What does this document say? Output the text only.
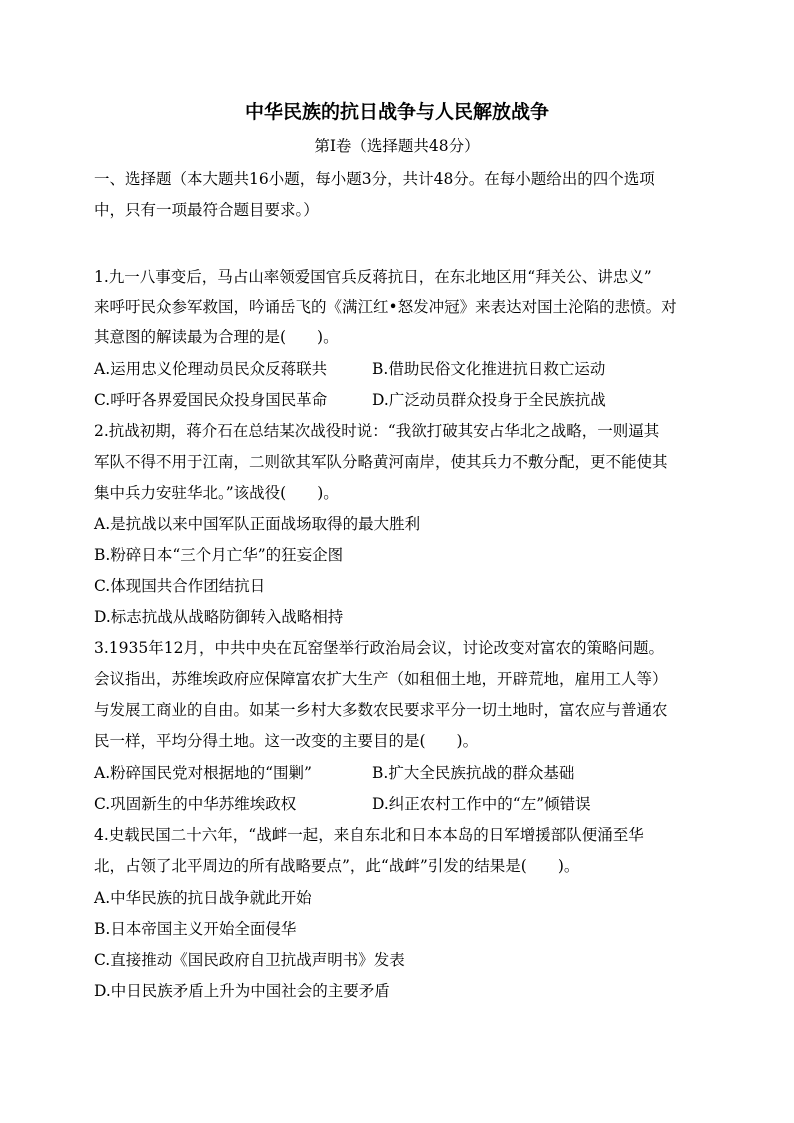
中华民族的抗日战争与人民解放战争
第Ⅰ卷（选择题共48分）
一、选择题（本大题共16小题，每小题3分，共计48分。在每小题给出的四个选项
中，只有一项最符合题目要求。）
1.九一八事变后，马占山率领爱国官兵反蒋抗日，在东北地区用“拜关公、讲忠义”
来呼吁民众参军救国，吟诵岳飞的《满江红•怒发冲冠》来表达对国土沦陷的悲愤。对
其意图的解读最为合理的是(　　)。
A.运用忠义伦理动员民众反蒋联共	B.借助民俗文化推进抗日救亡运动
C.呼吁各界爱国民众投身国民革命	D.广泛动员群众投身于全民族抗战
2.抗战初期，蒋介石在总结某次战役时说：“我欲打破其安占华北之战略，一则逼其
军队不得不用于江南，二则欲其军队分略黄河南岸，使其兵力不敷分配，更不能使其
集中兵力安驻华北。”该战役(　　)。
A.是抗战以来中国军队正面战场取得的最大胜利
B.粉碎日本“三个月亡华”的狂妄企图
C.体现国共合作团结抗日
D.标志抗战从战略防御转入战略相持
3.1935年12月，中共中央在瓦窑堡举行政治局会议，讨论改变对富农的策略问题。
会议指出，苏维埃政府应保障富农扩大生产（如租佃土地，开辟荒地，雇用工人等）
与发展工商业的自由。如某一乡村大多数农民要求平分一切土地时，富农应与普通农
民一样，平均分得土地。这一改变的主要目的是(　　)。
A.粉碎国民党对根据地的“围剿”	B.扩大全民族抗战的群众基础
C.巩固新生的中华苏维埃政权	D.纠正农村工作中的“左”倾错误
4.史载民国二十六年，“战衅一起，来自东北和日本本岛的日军增援部队便涌至华
北，占领了北平周边的所有战略要点”，此“战衅”引发的结果是(　　)。
A.中华民族的抗日战争就此开始
B.日本帝国主义开始全面侵华
C.直接推动《国民政府自卫抗战声明书》发表
D.中日民族矛盾上升为中国社会的主要矛盾
